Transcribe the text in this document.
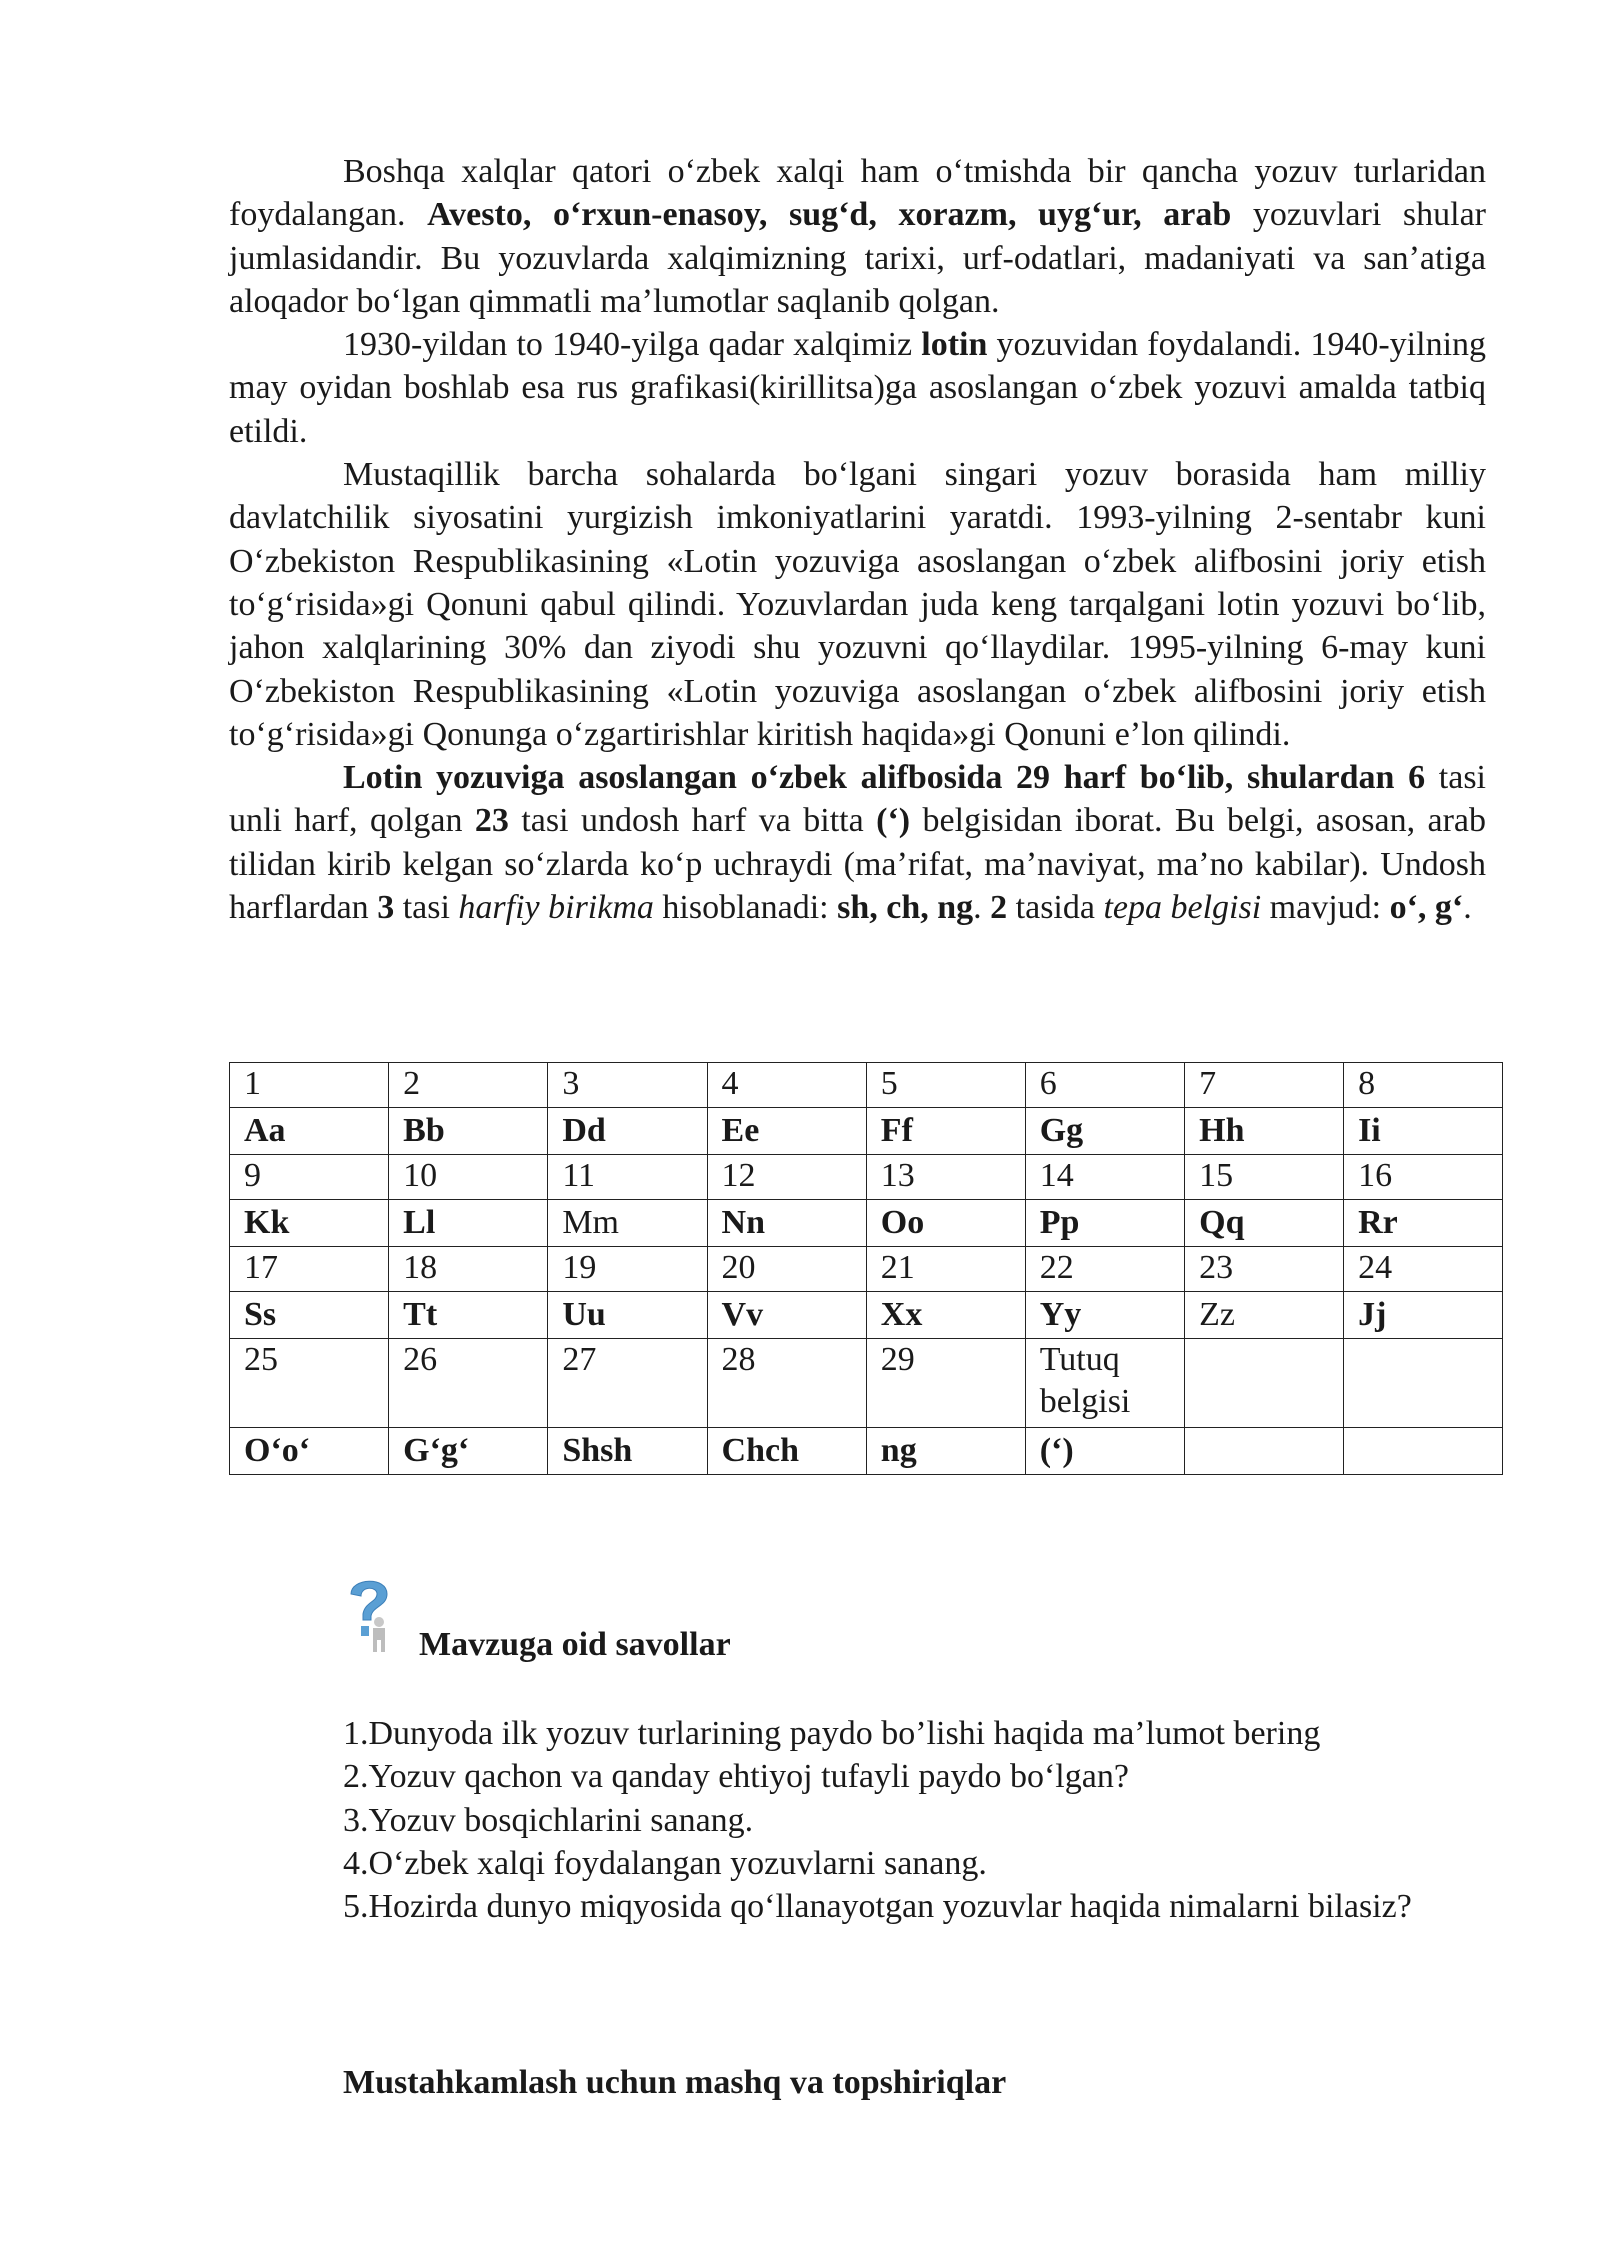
Boshqa xalqlar qatori oʻzbek xalqi ham oʻtmishda bir qancha yozuv turlaridan foydalangan. Avesto, oʻrxun-enasoy, sugʻd, xorazm, uygʻur, arab yozuvlari shular jumlasidandir. Bu yozuvlarda xalqimizning tarixi, urf-odatlari, madaniyati va sanʼatiga aloqador boʻlgan qimmatli maʼlumotlar saqlanib qolgan.

1930-yildan to 1940-yilga qadar xalqimiz lotin yozuvidan foydalandi. 1940-yilning may oyidan boshlab esa rus grafikasi(kirillitsa)ga asoslangan oʻzbek yozuvi amalda tatbiq etildi.

Mustaqillik barcha sohalarda boʻlgani singari yozuv borasida ham milliy davlatchilik siyosatini yurgizish imkoniyatlarini yaratdi. 1993-yilning 2-sentabr kuni Oʻzbekiston Respublikasining «Lotin yozuviga asoslangan oʻzbek alifbosini joriy etish toʻgʻrisida»gi Qonuni qabul qilindi. Yozuvlardan juda keng tarqalgani lotin yozuvi boʻlib, jahon xalqlarining 30% dan ziyodi shu yozuvni qoʻllaydilar. 1995-yilning 6-may kuni Oʻzbekiston Respublikasining «Lotin yozuviga asoslangan oʻzbek alifbosini joriy etish toʻgʻrisida»gi Qonunga oʻzgartirishlar kiritish haqida»gi Qonuni eʼlon qilindi.

Lotin yozuviga asoslangan oʻzbek alifbosida 29 harf boʻlib, shulardan 6 tasi unli harf, qolgan 23 tasi undosh harf va bitta (ʻ) belgisidan iborat. Bu belgi, asosan, arab tilidan kirib kelgan soʻzlarda koʻp uchraydi (maʼrifat, maʼnaviyat, maʼno kabilar). Undosh harflardan 3 tasi harfiy birikma hisoblanadi: sh, ch, ng. 2 tasida tepa belgisi mavjud: oʻ, gʻ.

1	2	3	4	5	6	7	8
Aa	Bb	Dd	Ee	Ff	Gg	Hh	Ii
9	10	11	12	13	14	15	16
Kk	Ll	Mm	Nn	Oo	Pp	Qq	Rr
17	18	19	20	21	22	23	24
Ss	Tt	Uu	Vv	Xx	Yy	Zz	Jj
25	26	27	28	29	Tutuq belgisi		
Oʻoʻ	Gʻgʻ	Shsh	Chch	ng	(ʻ)		
Mavzuga oid savollar

1.Dunyoda ilk yozuv turlarining paydo bo’lishi haqida ma’lumot bering

2.Yozuv qachon va qanday ehtiyoj tufayli paydo boʻlgan?

3.Yozuv bosqichlarini sanang.

4.Oʻzbek xalqi foydalangan yozuvlarni sanang.

5.Hozirda dunyo miqyosida qoʻllanayotgan yozuvlar haqida nimalarni bilasiz?

Mustahkamlash uchun mashq va topshiriqlar
